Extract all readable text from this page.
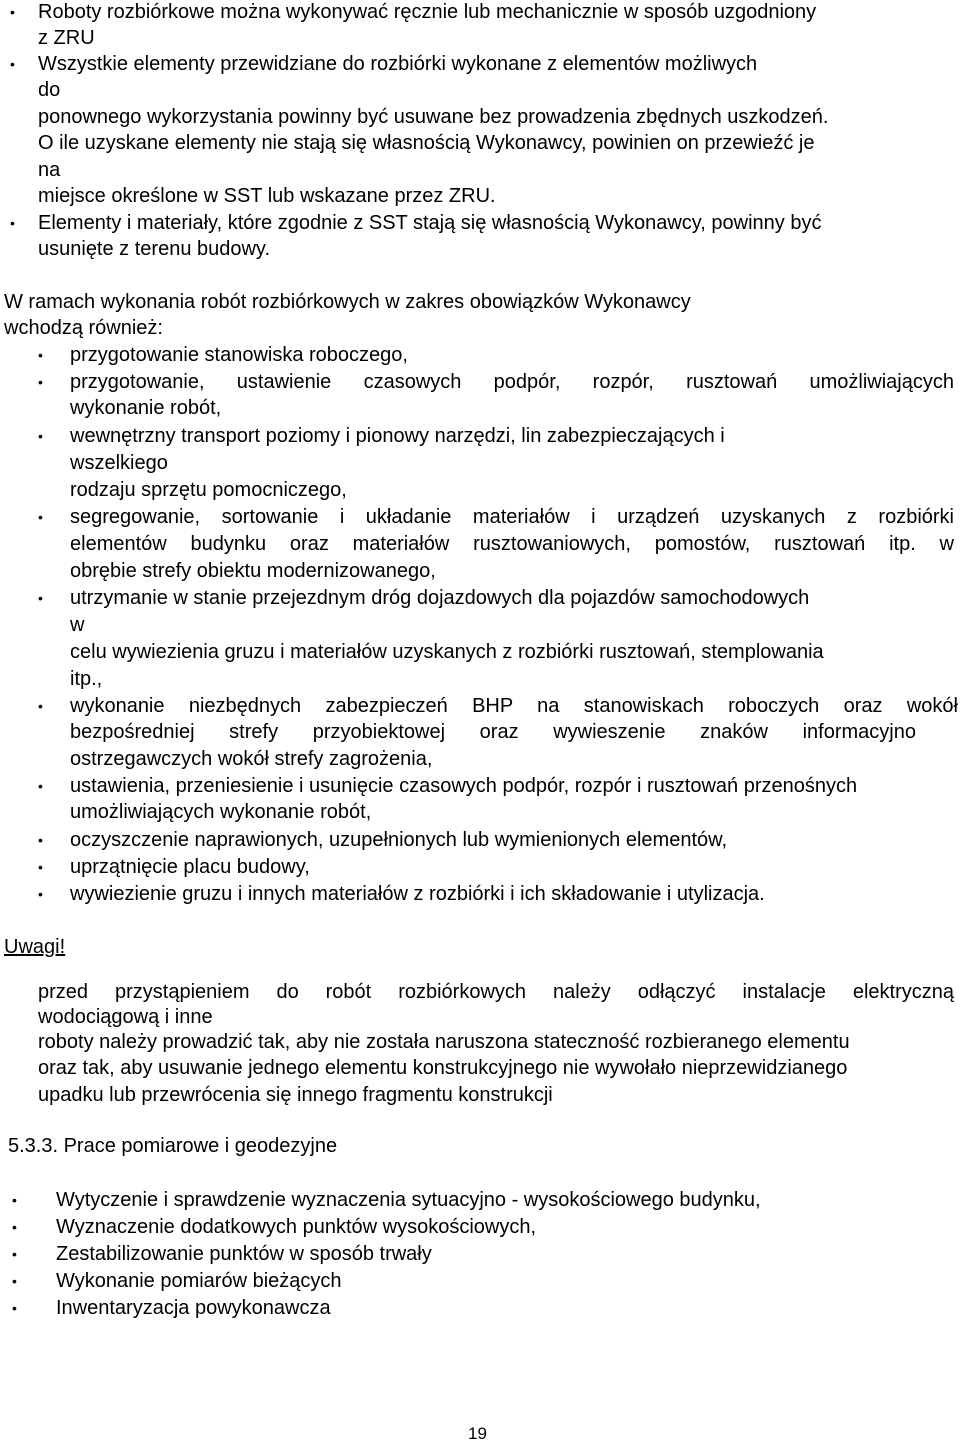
• Roboty rozbiórkowe można wykonywać ręcznie lub mechanicznie w sposób uzgodniony
z ZRU
• Wszystkie elementy przewidziane do rozbiórki wykonane z elementów możliwych
do
ponownego wykorzystania powinny być usuwane bez prowadzenia zbędnych uszkodzeń.
O ile uzyskane elementy nie stają się własnością Wykonawcy, powinien on przewieźć je
na
miejsce określone w SST lub wskazane przez ZRU.
• Elementy i materiały, które zgodnie z SST stają się własnością Wykonawcy, powinny być
usunięte z terenu budowy.
W ramach wykonania robót rozbiórkowych w zakres obowiązków Wykonawcy
wchodzą również:
• przygotowanie stanowiska roboczego,
• przygotowanie, ustawienie czasowych podpór, rozpór, rusztowań umożliwiających
wykonanie robót,
• wewnętrzny transport poziomy i pionowy narzędzi, lin zabezpieczających i
wszelkiego
rodzaju sprzętu pomocniczego,
• segregowanie, sortowanie i układanie materiałów i urządzeń uzyskanych z rozbiórki
elementów budynku oraz materiałów rusztowaniowych, pomostów, rusztowań itp. w
obrębie strefy obiektu modernizowanego,
• utrzymanie w stanie przejezdnym dróg dojazdowych dla pojazdów samochodowych
w
celu wywiezienia gruzu i materiałów uzyskanych z rozbiórki rusztowań, stemplowania
itp.,
• wykonanie niezbędnych zabezpieczeń BHP na stanowiskach roboczych oraz wokół
bezpośredniej strefy przyobiektowej oraz wywieszenie znaków informacyjno
ostrzegawczych wokół strefy zagrożenia,
• ustawienia, przeniesienie i usunięcie czasowych podpór, rozpór i rusztowań przenośnych
umożliwiających wykonanie robót,
• oczyszczenie naprawionych, uzupełnionych lub wymienionych elementów,
• uprzątnięcie placu budowy,
• wywiezienie gruzu i innych materiałów z rozbiórki i ich składowanie i utylizacja.
Uwagi!
przed przystąpieniem do robót rozbiórkowych należy odłączyć instalacje elektryczną
wodociągową i inne
roboty należy prowadzić tak, aby nie została naruszona stateczność rozbieranego elementu
oraz tak, aby usuwanie jednego elementu konstrukcyjnego nie wywołało nieprzewidzianego
upadku lub przewrócenia się innego fragmentu konstrukcji
5.3.3. Prace pomiarowe i geodezyjne
• Wytyczenie i sprawdzenie wyznaczenia sytuacyjno - wysokościowego budynku,
• Wyznaczenie dodatkowych punktów wysokościowych,
• Zestabilizowanie punktów w sposób trwały
• Wykonanie pomiarów bieżących
• Inwentaryzacja powykonawcza
19
